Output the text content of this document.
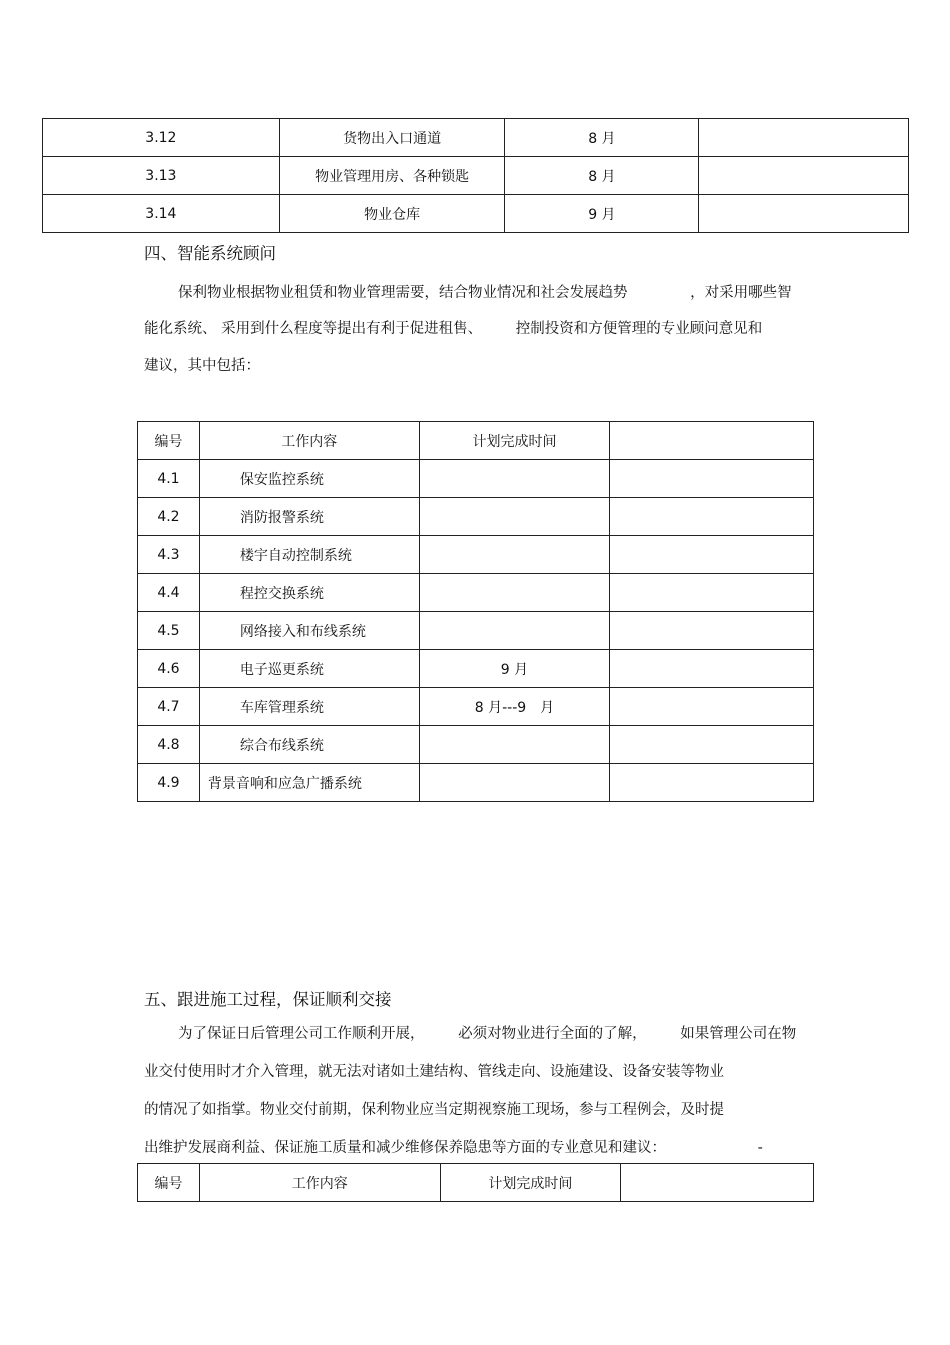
3.12	货物出入口通道	8 月	
3.13	物业管理用房、各种锁匙	8 月	
3.14	物业仓库	9 月	
四、智能系统顾问

保利物业根据物业租赁和物业管理需要，结合物业情况和社会发展趋势 　　　　，对采用哪些智

能化系统、 采用到什么程度等提出有利于促进租售、 　　控制投资和方便管理的专业顾问意见和

建议，其中包括：

编号	工作内容	计划完成时间	
4.1	保安监控系统		
4.2	消防报警系统		
4.3	楼宇自动控制系统		
4.4	程控交换系统		
4.5	网络接入和布线系统		
4.6	电子巡更系统	9 月	
4.7	车库管理系统	8 月---9　月	
4.8	综合布线系统		
4.9	背景音响和应急广播系统		
五、跟进施工过程，保证顺利交接

为了保证日后管理公司工作顺利开展， 　　必须对物业进行全面的了解， 　　如果管理公司在物

业交付使用时才介入管理，就无法对诸如土建结构、管线走向、设施建设、设备安装等物业

的情况了如指掌。物业交付前期，保利物业应当定期视察施工现场，参与工程例会，及时提

出维护发展商利益、保证施工质量和减少维修保养隐患等方面的专业意见和建议： 　　　　　　-

编号	工作内容	计划完成时间	
